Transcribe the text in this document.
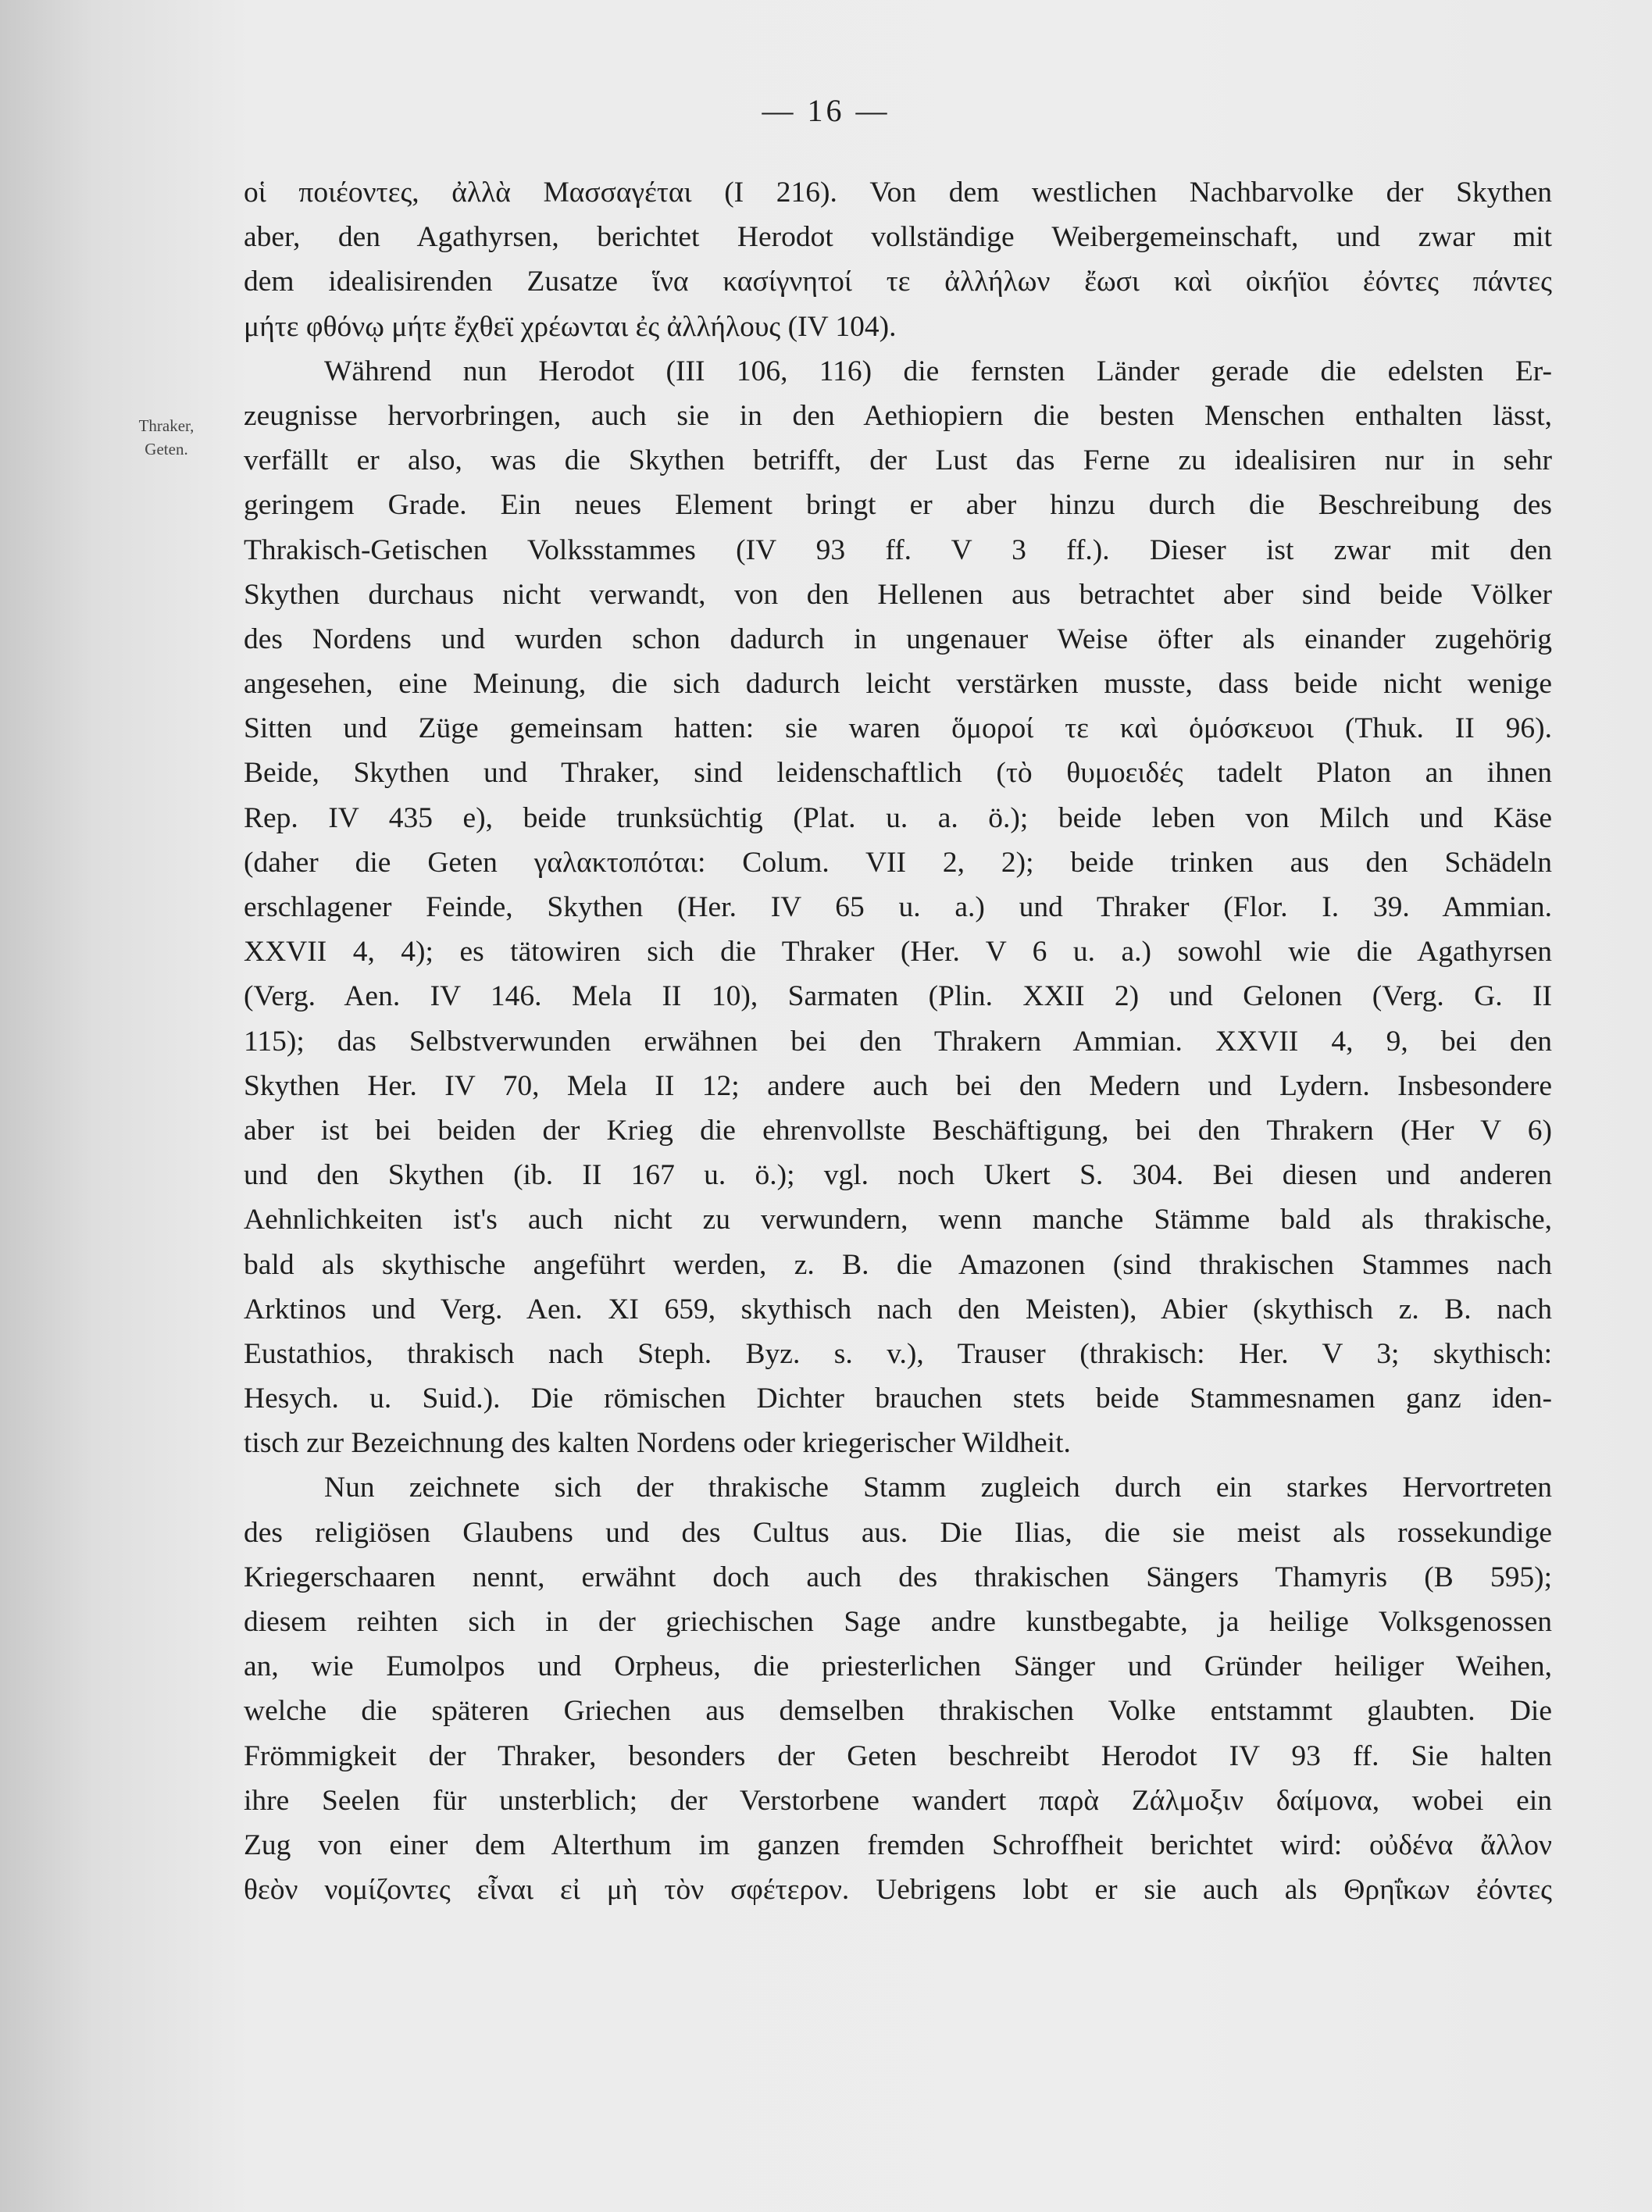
— 16 —
Thraker,
Geten.
οἱ ποιέοντες, ἀλλὰ Μασσαγέται (I 216). Von dem westlichen Nachbarvolke der Skythen
aber, den Agathyrsen, berichtet Herodot vollständige Weibergemeinschaft, und zwar mit
dem idealisirenden Zusatze ἵνα κασίγνητοί τε ἀλλήλων ἔωσι καὶ οἰκήϊοι ἐόντες πάντες
μήτε φθόνῳ μήτε ἔχθεϊ χρέωνται ἐς ἀλλήλους (IV 104).
Während nun Herodot (III 106, 116) die fernsten Länder gerade die edelsten Er-
zeugnisse hervorbringen, auch sie in den Aethiopiern die besten Menschen enthalten lässt,
verfällt er also, was die Skythen betrifft, der Lust das Ferne zu idealisiren nur in sehr
geringem Grade. Ein neues Element bringt er aber hinzu durch die Beschreibung des
Thrakisch-Getischen Volksstammes (IV 93 ff. V 3 ff.). Dieser ist zwar mit den
Skythen durchaus nicht verwandt, von den Hellenen aus betrachtet aber sind beide Völker
des Nordens und wurden schon dadurch in ungenauer Weise öfter als einander zugehörig
angesehen, eine Meinung, die sich dadurch leicht verstärken musste, dass beide nicht wenige
Sitten und Züge gemeinsam hatten: sie waren ὅμοροί τε καὶ ὁμόσκευοι (Thuk. II 96).
Beide, Skythen und Thraker, sind leidenschaftlich (τὸ θυμοειδές tadelt Platon an ihnen
Rep. IV 435 e), beide trunksüchtig (Plat. u. a. ö.); beide leben von Milch und Käse
(daher die Geten γαλακτοπόται: Colum. VII 2, 2); beide trinken aus den Schädeln
erschlagener Feinde, Skythen (Her. IV 65 u. a.) und Thraker (Flor. I. 39. Ammian.
XXVII 4, 4); es tätowiren sich die Thraker (Her. V 6 u. a.) sowohl wie die Agathyrsen
(Verg. Aen. IV 146. Mela II 10), Sarmaten (Plin. XXII 2) und Gelonen (Verg. G. II
115); das Selbstverwunden erwähnen bei den Thrakern Ammian. XXVII 4, 9, bei den
Skythen Her. IV 70, Mela II 12; andere auch bei den Medern und Lydern. Insbesondere
aber ist bei beiden der Krieg die ehrenvollste Beschäftigung, bei den Thrakern (Her V 6)
und den Skythen (ib. II 167 u. ö.); vgl. noch Ukert S. 304. Bei diesen und anderen
Aehnlichkeiten ist's auch nicht zu verwundern, wenn manche Stämme bald als thrakische,
bald als skythische angeführt werden, z. B. die Amazonen (sind thrakischen Stammes nach
Arktinos und Verg. Aen. XI 659, skythisch nach den Meisten), Abier (skythisch z. B. nach
Eustathios, thrakisch nach Steph. Byz. s. v.), Trauser (thrakisch: Her. V 3; skythisch:
Hesych. u. Suid.). Die römischen Dichter brauchen stets beide Stammesnamen ganz iden-
tisch zur Bezeichnung des kalten Nordens oder kriegerischer Wildheit.
Nun zeichnete sich der thrakische Stamm zugleich durch ein starkes Hervortreten
des religiösen Glaubens und des Cultus aus. Die Ilias, die sie meist als rossekundige
Kriegerschaaren nennt, erwähnt doch auch des thrakischen Sängers Thamyris (B 595);
diesem reihten sich in der griechischen Sage andre kunstbegabte, ja heilige Volksgenossen
an, wie Eumolpos und Orpheus, die priesterlichen Sänger und Gründer heiliger Weihen,
welche die späteren Griechen aus demselben thrakischen Volke entstammt glaubten. Die
Frömmigkeit der Thraker, besonders der Geten beschreibt Herodot IV 93 ff. Sie halten
ihre Seelen für unsterblich; der Verstorbene wandert παρὰ Ζάλμοξιν δαίμονα, wobei ein
Zug von einer dem Alterthum im ganzen fremden Schroffheit berichtet wird: οὐδένα ἄλλον
θεὸν νομίζοντες εἶναι εἰ μὴ τὸν σφέτερον. Uebrigens lobt er sie auch als Θρηΐκων ἐόντες
